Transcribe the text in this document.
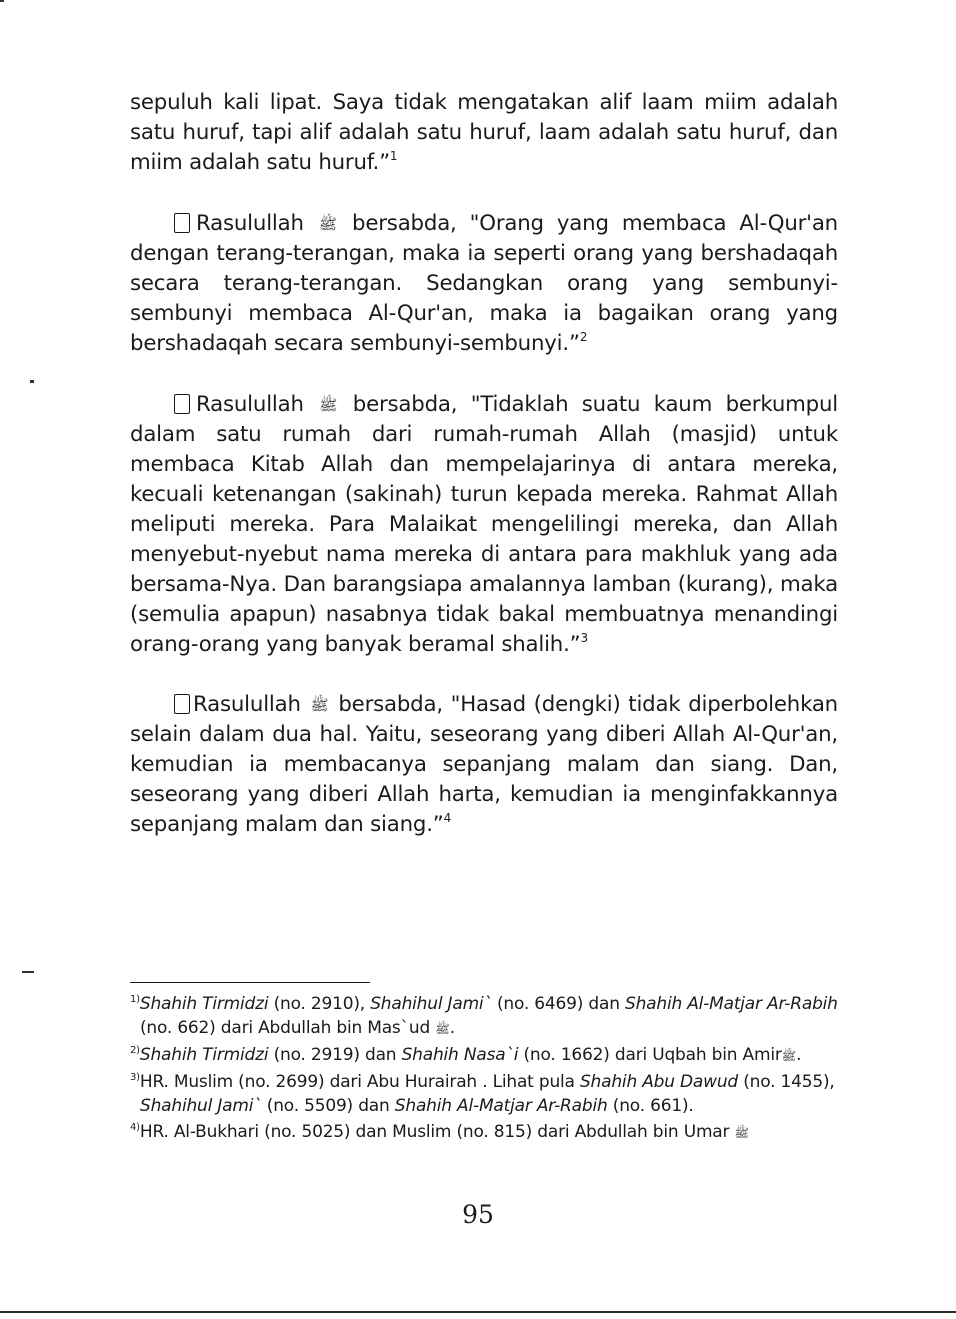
sepuluh kali lipat. Saya tidak mengatakan alif laam miim adalah satu huruf, tapi alif adalah satu huruf, laam adalah satu huruf, dan miim adalah satu huruf.”$^1$

Rasulullah ﷺ bersabda, "Orang yang membaca Al-Qur'an dengan terang-terangan, maka ia seperti orang yang bershadaqah secara terang-terangan. Sedangkan orang yang sembunyi-sembunyi membaca Al-Qur'an, maka ia bagaikan orang yang bershadaqah secara sembunyi-sembunyi.”$^2$

Rasulullah ﷺ bersabda, "Tidaklah suatu kaum berkumpul dalam satu rumah dari rumah-rumah Allah (masjid) untuk membaca Kitab Allah dan mempelajarinya di antara mereka, kecuali ketenangan (sakinah) turun kepada mereka. Rahmat Allah meliputi mereka. Para Malaikat mengelilingi mereka, dan Allah menyebut-nyebut nama mereka di antara para makhluk yang ada bersama-Nya. Dan barangsiapa amalannya lamban (kurang), maka (semulia apapun) nasabnya tidak bakal membuatnya menandingi orang-orang yang banyak beramal shalih.”$^3$

Rasulullah ﷺ bersabda, "Hasad (dengki) tidak diperbolehkan selain dalam dua hal. Yaitu, seseorang yang diberi Allah Al-Qur'an, kemudian ia membacanya sepanjang malam dan siang. Dan, seseorang yang diberi Allah harta, kemudian ia menginfakkannya sepanjang malam dan siang.”$^4$

$^{1)}$Shahih Tirmidzi (no. 2910), Shahihul Jami` (no. 6469) dan Shahih Al-Matjar Ar-Rabih (no. 662) dari Abdullah bin Mas`ud ﷺ.

$^{2)}$Shahih Tirmidzi (no. 2919) dan Shahih Nasa`i (no. 1662) dari Uqbah bin Amirﷺ.

$^{3)}$HR. Muslim (no. 2699) dari Abu Hurairah . Lihat pula Shahih Abu Dawud (no. 1455), Shahihul Jami` (no. 5509) dan Shahih Al-Matjar Ar-Rabih (no. 661).

$^{4)}$HR. Al-Bukhari (no. 5025) dan Muslim (no. 815) dari Abdullah bin Umar ﷺ

95
